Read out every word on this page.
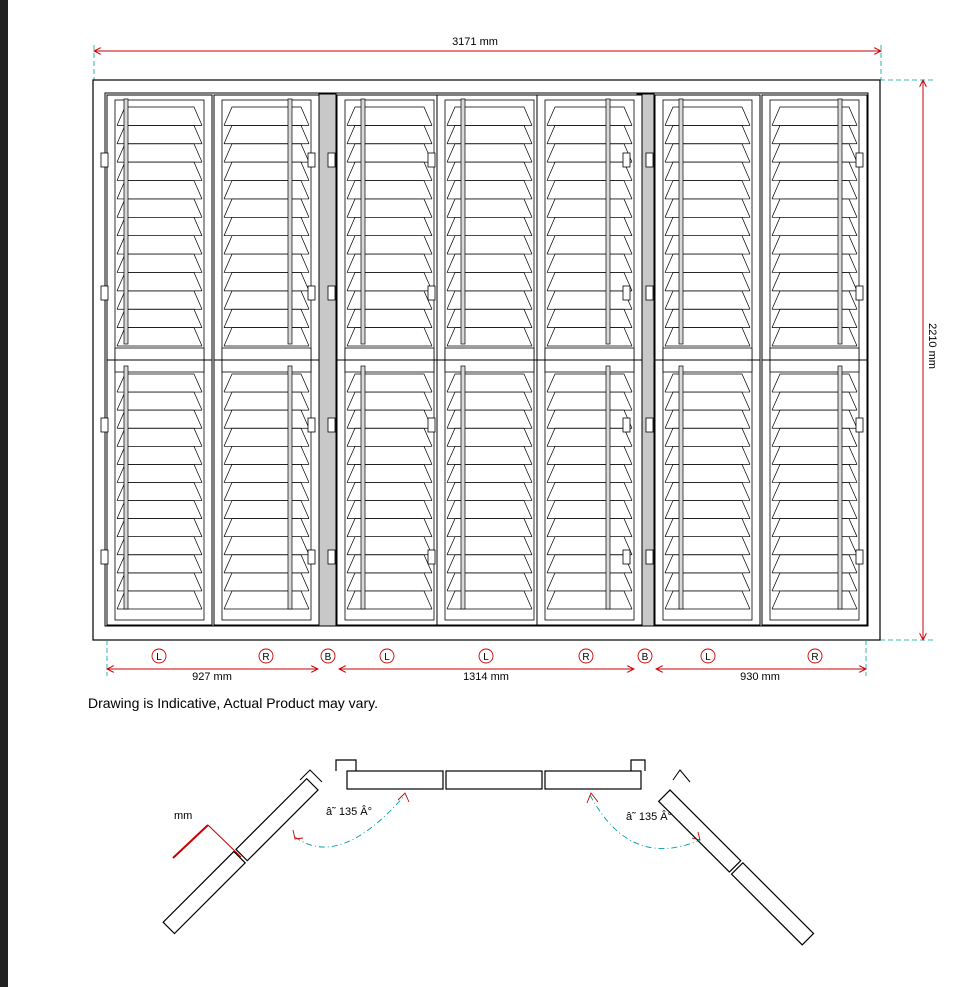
3171 mm
2210 mm
927 mm	1314 mm	930 mm
L	R	B	L	L	R	B	L	R
â˜ 135 Â°	â˜ 135 Â°
mm
Drawing is Indicative, Actual Product may vary.
